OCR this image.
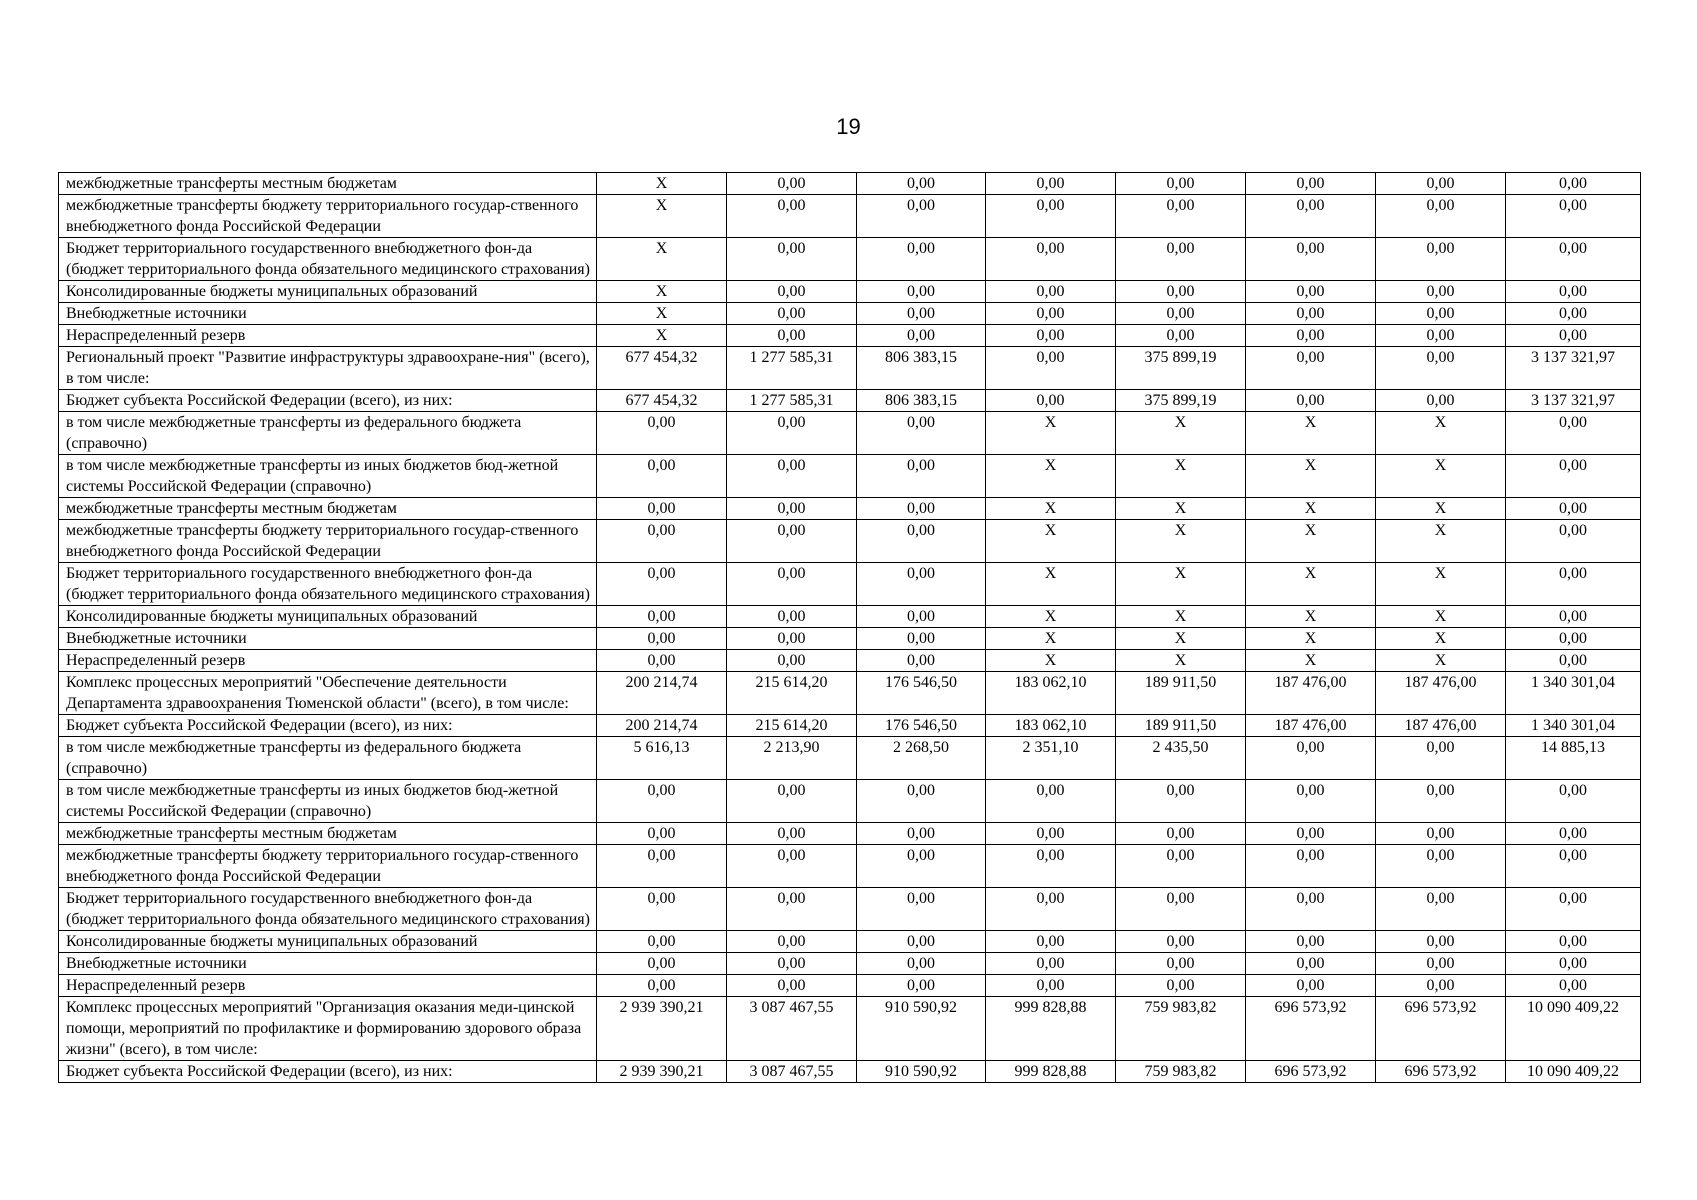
19
межбюджетные трансферты местным бюджетам	X	0,00	0,00	0,00	0,00	0,00	0,00	0,00
межбюджетные трансферты бюджету территориального государ-ственного внебюджетного фонда Российской Федерации	X	0,00	0,00	0,00	0,00	0,00	0,00	0,00
Бюджет территориального государственного внебюджетного фон-да (бюджет территориального фонда обязательного медицинского страхования)	X	0,00	0,00	0,00	0,00	0,00	0,00	0,00
Консолидированные бюджеты муниципальных образований	X	0,00	0,00	0,00	0,00	0,00	0,00	0,00
Внебюджетные источники	X	0,00	0,00	0,00	0,00	0,00	0,00	0,00
Нераспределенный резерв	X	0,00	0,00	0,00	0,00	0,00	0,00	0,00
Региональный проект "Развитие инфраструктуры здравоохране-ния" (всего), в том числе:	677 454,32	1 277 585,31	806 383,15	0,00	375 899,19	0,00	0,00	3 137 321,97
Бюджет субъекта Российской Федерации (всего), из них:	677 454,32	1 277 585,31	806 383,15	0,00	375 899,19	0,00	0,00	3 137 321,97
в том числе межбюджетные трансферты из федерального бюджета (справочно)	0,00	0,00	0,00	X	X	X	X	0,00
в том числе межбюджетные трансферты из иных бюджетов бюд-жетной системы Российской Федерации (справочно)	0,00	0,00	0,00	X	X	X	X	0,00
межбюджетные трансферты местным бюджетам	0,00	0,00	0,00	X	X	X	X	0,00
межбюджетные трансферты бюджету территориального государ-ственного внебюджетного фонда Российской Федерации	0,00	0,00	0,00	X	X	X	X	0,00
Бюджет территориального государственного внебюджетного фон-да (бюджет территориального фонда обязательного медицинского страхования)	0,00	0,00	0,00	X	X	X	X	0,00
Консолидированные бюджеты муниципальных образований	0,00	0,00	0,00	X	X	X	X	0,00
Внебюджетные источники	0,00	0,00	0,00	X	X	X	X	0,00
Нераспределенный резерв	0,00	0,00	0,00	X	X	X	X	0,00
Комплекс процессных мероприятий "Обеспечение деятельности Департамента здравоохранения Тюменской области" (всего), в том числе:	200 214,74	215 614,20	176 546,50	183 062,10	189 911,50	187 476,00	187 476,00	1 340 301,04
Бюджет субъекта Российской Федерации (всего), из них:	200 214,74	215 614,20	176 546,50	183 062,10	189 911,50	187 476,00	187 476,00	1 340 301,04
в том числе межбюджетные трансферты из федерального бюджета (справочно)	5 616,13	2 213,90	2 268,50	2 351,10	2 435,50	0,00	0,00	14 885,13
в том числе межбюджетные трансферты из иных бюджетов бюд-жетной системы Российской Федерации (справочно)	0,00	0,00	0,00	0,00	0,00	0,00	0,00	0,00
межбюджетные трансферты местным бюджетам	0,00	0,00	0,00	0,00	0,00	0,00	0,00	0,00
межбюджетные трансферты бюджету территориального государ-ственного внебюджетного фонда Российской Федерации	0,00	0,00	0,00	0,00	0,00	0,00	0,00	0,00
Бюджет территориального государственного внебюджетного фон-да (бюджет территориального фонда обязательного медицинского страхования)	0,00	0,00	0,00	0,00	0,00	0,00	0,00	0,00
Консолидированные бюджеты муниципальных образований	0,00	0,00	0,00	0,00	0,00	0,00	0,00	0,00
Внебюджетные источники	0,00	0,00	0,00	0,00	0,00	0,00	0,00	0,00
Нераспределенный резерв	0,00	0,00	0,00	0,00	0,00	0,00	0,00	0,00
Комплекс процессных мероприятий "Организация оказания меди-цинской помощи, мероприятий по профилактике и формированию здорового образа жизни" (всего), в том числе:	2 939 390,21	3 087 467,55	910 590,92	999 828,88	759 983,82	696 573,92	696 573,92	10 090 409,22
Бюджет субъекта Российской Федерации (всего), из них:	2 939 390,21	3 087 467,55	910 590,92	999 828,88	759 983,82	696 573,92	696 573,92	10 090 409,22
